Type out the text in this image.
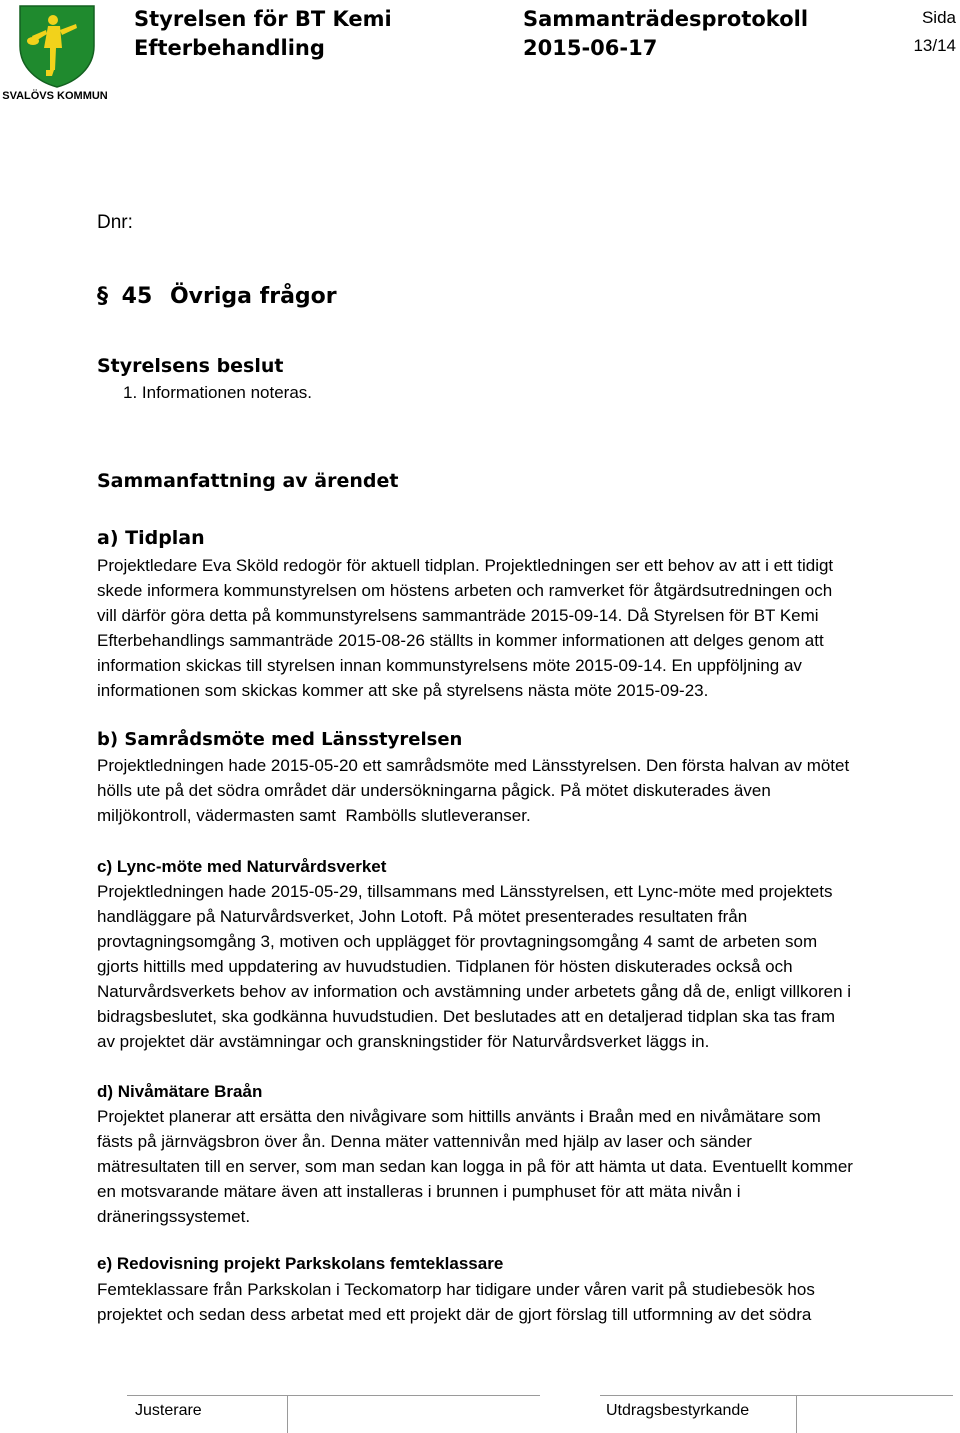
SVALÖVS KOMMUN
Styrelsen för BT Kemi
Efterbehandling
Sammanträdesprotokoll
2015-06-17
Sida
13/14
Dnr:
§ 45 Övriga frågor
Styrelsens beslut
1. Informationen noteras.
Sammanfattning av ärendet
a) Tidplan

Projektledare Eva Sköld redogör för aktuell tidplan. Projektledningen ser ett behov av att i ett tidigt

skede informera kommunstyrelsen om höstens arbeten och ramverket för åtgärdsutredningen och

vill därför göra detta på kommunstyrelsens sammanträde 2015-09-14. Då Styrelsen för BT Kemi

Efterbehandlings sammanträde 2015-08-26 ställts in kommer informationen att delges genom att

information skickas till styrelsen innan kommunstyrelsens möte 2015-09-14. En uppföljning av

informationen som skickas kommer att ske på styrelsens nästa möte 2015-09-23.

b) Samrådsmöte med Länsstyrelsen

Projektledningen hade 2015-05-20 ett samrådsmöte med Länsstyrelsen. Den första halvan av mötet

hölls ute på det södra området där undersökningarna pågick. På mötet diskuterades även

miljökontroll, vädermasten samt  Rambölls slutleveranser.

c) Lync-möte med Naturvårdsverket

Projektledningen hade 2015-05-29, tillsammans med Länsstyrelsen, ett Lync-möte med projektets

handläggare på Naturvårdsverket, John Lotoft. På mötet presenterades resultaten från

provtagningsomgång 3, motiven och upplägget för provtagningsomgång 4 samt de arbeten som

gjorts hittills med uppdatering av huvudstudien. Tidplanen för hösten diskuterades också och

Naturvårdsverkets behov av information och avstämning under arbetets gång då de, enligt villkoren i

bidragsbeslutet, ska godkänna huvudstudien. Det beslutades att en detaljerad tidplan ska tas fram

av projektet där avstämningar och granskningstider för Naturvårdsverket läggs in.

d) Nivåmätare Braån

Projektet planerar att ersätta den nivågivare som hittills använts i Braån med en nivåmätare som

fästs på järnvägsbron över ån. Denna mäter vattennivån med hjälp av laser och sänder

mätresultaten till en server, som man sedan kan logga in på för att hämta ut data. Eventuellt kommer

en motsvarande mätare även att installeras i brunnen i pumphuset för att mäta nivån i

dräneringssystemet.

e) Redovisning projekt Parkskolans femteklassare

Femteklassare från Parkskolan i Teckomatorp har tidigare under våren varit på studiebesök hos

projektet och sedan dess arbetat med ett projekt där de gjort förslag till utformning av det södra

Justerare	Utdragsbestyrkande
